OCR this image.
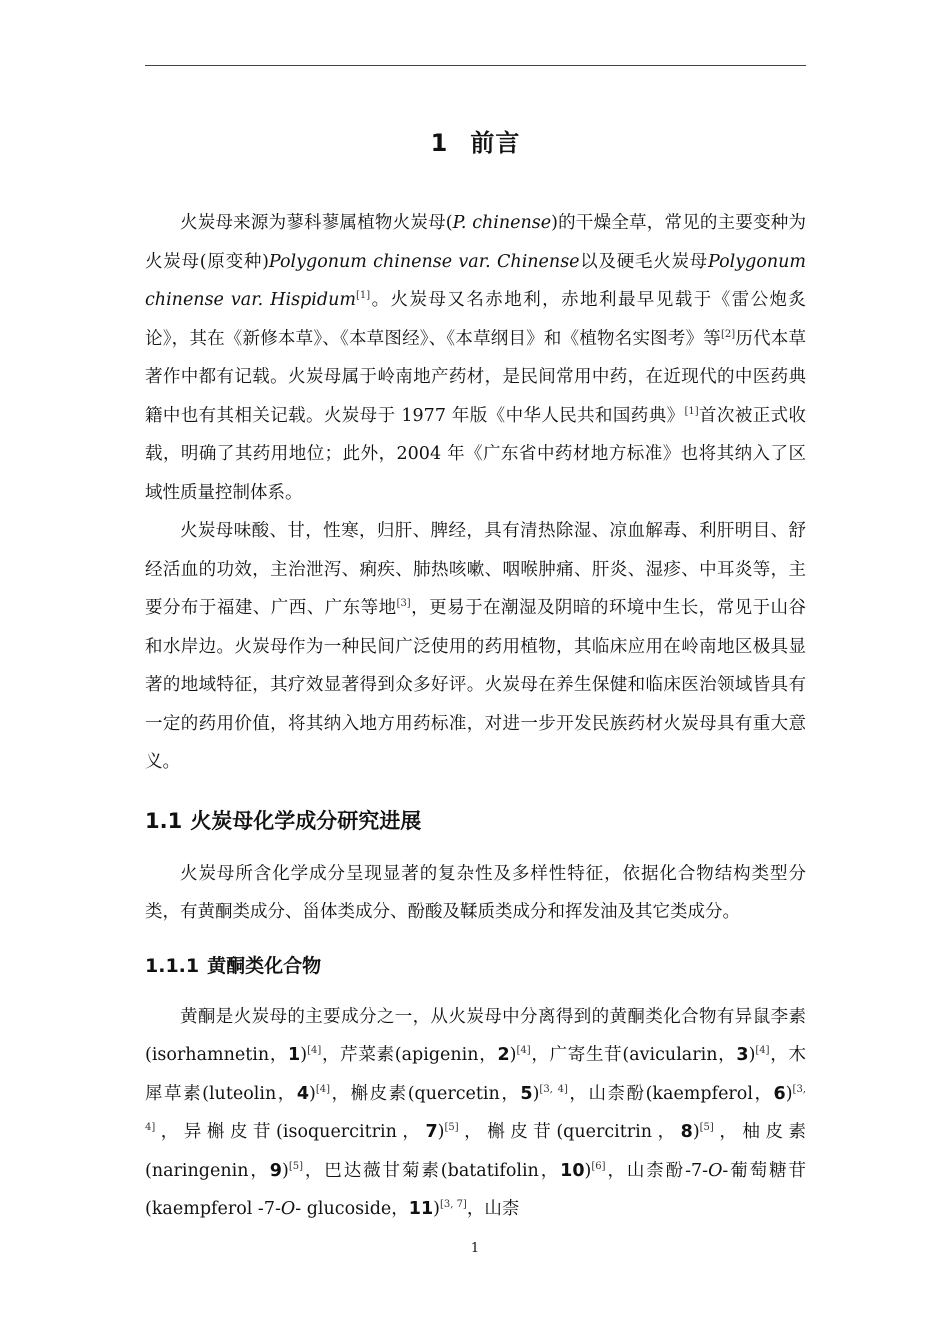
1 前言

火炭母来源为蓼科蓼属植物火炭母(P. chinense)的干燥全草，常见的主要变种为火炭母(原变种)Polygonum chinense var. Chinense以及硬毛火炭母Polygonum chinense var. Hispidum[1]。火炭母又名赤地利，赤地利最早见载于《雷公炮炙论》，其在《新修本草》、《本草图经》、《本草纲目》和《植物名实图考》等[2]历代本草著作中都有记载。火炭母属于岭南地产药材，是民间常用中药，在近现代的中医药典籍中也有其相关记载。火炭母于 1977 年版《中华人民共和国药典》[1]首次被正式收载，明确了其药用地位；此外，2004 年《广东省中药材地方标准》也将其纳入了区域性质量控制体系。

火炭母味酸、甘，性寒，归肝、脾经，具有清热除湿、凉血解毒、利肝明目、舒经活血的功效，主治泄泻、痢疾、肺热咳嗽、咽喉肿痛、肝炎、湿疹、中耳炎等，主要分布于福建、广西、广东等地[3]，更易于在潮湿及阴暗的环境中生长，常见于山谷和水岸边。火炭母作为一种民间广泛使用的药用植物，其临床应用在岭南地区极具显著的地域特征，其疗效显著得到众多好评。火炭母在养生保健和临床医治领域皆具有一定的药用价值，将其纳入地方用药标准，对进一步开发民族药材火炭母具有重大意义。

1.1 火炭母化学成分研究进展

火炭母所含化学成分呈现显著的复杂性及多样性特征，依据化合物结构类型分类，有黄酮类成分、甾体类成分、酚酸及鞣质类成分和挥发油及其它类成分。

1.1.1 黄酮类化合物

黄酮是火炭母的主要成分之一，从火炭母中分离得到的黄酮类化合物有异鼠李素(isorhamnetin，1)[4]，芹菜素(apigenin，2)[4]，广寄生苷(avicularin，3)[4]，木犀草素(luteolin，4)[4]，槲皮素(quercetin，5)[3, 4]，山柰酚(kaempferol，6)[3, 4]，异槲皮苷(isoquercitrin，7)[5]，槲皮苷(quercitrin，8)[5]，柚皮素(naringenin，9)[5]，巴达薇甘菊素(batatifolin，10)[6]，山柰酚-7-O-葡萄糖苷(kaempferol -7-O- glucoside，11)[3, 7]，山柰

1
